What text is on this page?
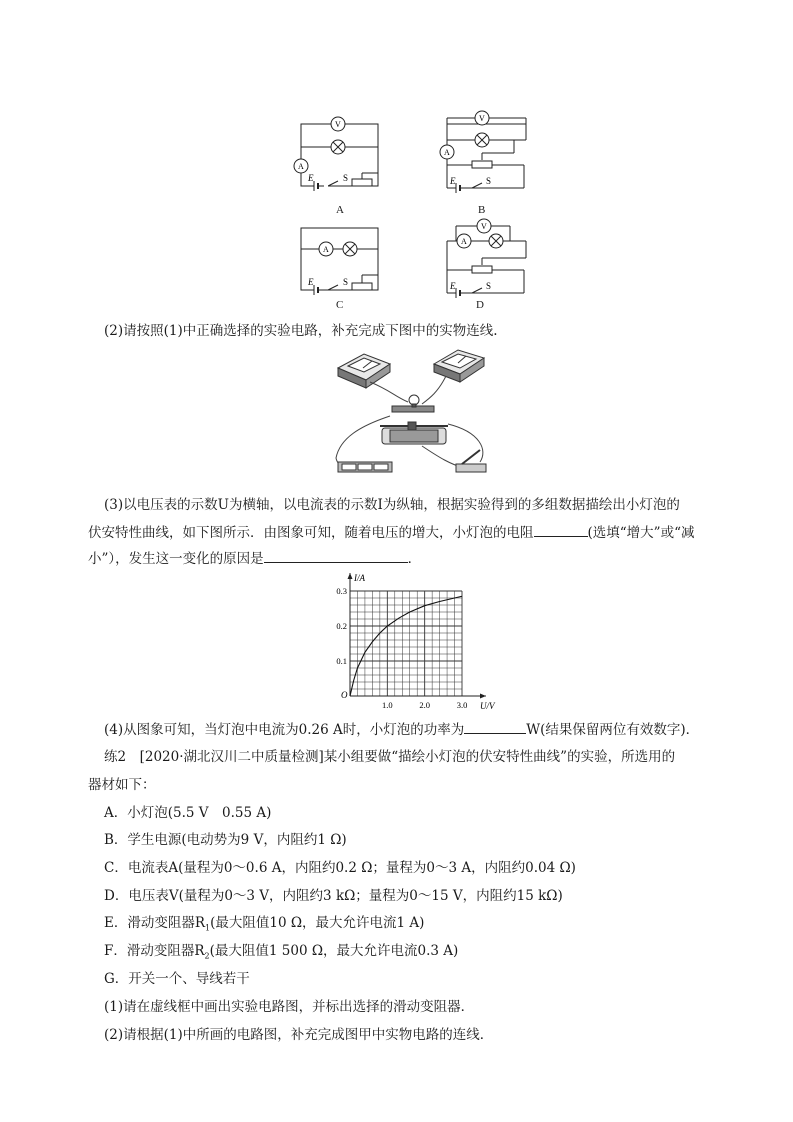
V
A
E	S
A
V
A
E	S
B
A
E	S
C
V
A
E	S
D
(2)请按照(1)中正确选择的实验电路，补充完成下图中的实物连线.
(3)以电压表的示数U为横轴，以电流表的示数I为纵轴，根据实验得到的多组数据描绘出小灯泡的
伏安特性曲线，如下图所示．由图象可知，随着电压的增大，小灯泡的电阻	(选填“增大”或“减
小”），发生这一变化的原因是	．
I/A
U/V
O
1.0	2.0	3.0
0.1
0.2
0.3
(4)从图象可知，当灯泡中电流为0.26 A时，小灯泡的功率为	W(结果保留两位有效数字)．
练2　[2020·湖北汉川二中质量检测]某小组要做“描绘小灯泡的伏安特性曲线”的实验，所选用的
器材如下：
A．小灯泡(5.5 V　0.55 A)
B．学生电源(电动势为9 V，内阻约1 Ω)
C．电流表A(量程为0～0.6 A，内阻约0.2 Ω；量程为0～3 A，内阻约0.04 Ω)
D．电压表V(量程为0～3 V，内阻约3 kΩ；量程为0～15 V，内阻约15 kΩ)
E．滑动变阻器$R_1$(最大阻值10 Ω，最大允许电流1 A)
F．滑动变阻器$R_2$(最大阻值1 500 Ω，最大允许电流0.3 A)
G．开关一个、导线若干
(1)请在虚线框中画出实验电路图，并标出选择的滑动变阻器．
(2)请根据(1)中所画的电路图，补充完成图甲中实物电路的连线．
